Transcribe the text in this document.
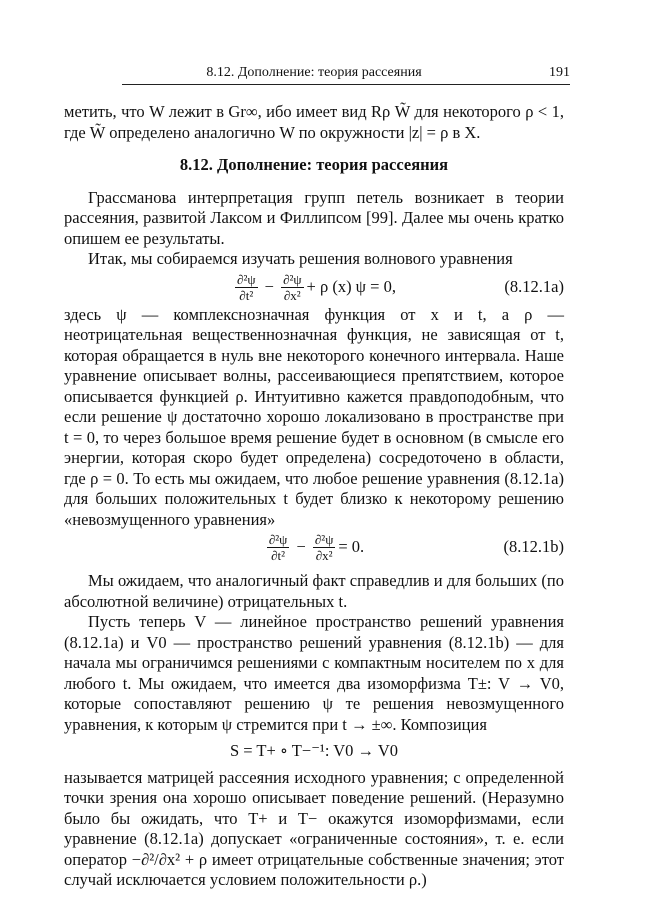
8.12. Дополнение: теория рассеяния	191

метить, что W лежит в Gr∞, ибо имеет вид Rρ W̃ для некоторого ρ < 1, где W̃ определено аналогично W по окружности |z| = ρ в X.

8.12. Дополнение: теория рассеяния

Грассманова интерпретация групп петель возникает в теории рассеяния, развитой Лаксом и Филлипсом [99]. Далее мы очень кратко опишем ее результаты.

Итак, мы собираемся изучать решения волнового уравнения

$\frac{\text{∂²ψ}}{\text{∂t²}} - \frac{\text{∂²ψ}}{\text{∂x²}} + \rho$ (x) ψ = 0,	(8.12.1a)

здесь ψ — комплекснозначная функция от x и t, а ρ — неотрицательная вещественнозначная функция, не зависящая от t, которая обращается в нуль вне некоторого конечного интервала. Наше уравнение описывает волны, рассеивающиеся препятствием, которое описывается функцией ρ. Интуитивно кажется правдоподобным, что если решение ψ достаточно хорошо локализовано в пространстве при t = 0, то через большое время решение будет в основном (в смысле его энергии, которая скоро будет определена) сосредоточено в области, где ρ = 0. То есть мы ожидаем, что любое решение уравнения (8.12.1a) для больших положительных t будет близко к некоторому решению «невозмущенного уравнения»

$\frac{\text{∂²ψ}}{\text{∂t²}} - \frac{\text{∂²ψ}}{\text{∂x²}} = 0$.	(8.12.1b)

Мы ожидаем, что аналогичный факт справедлив и для больших (по абсолютной величине) отрицательных t.

Пусть теперь V — линейное пространство решений уравнения (8.12.1a) и V0 — пространство решений уравнения (8.12.1b) — для начала мы ограничимся решениями с компактным носителем по x для любого t. Мы ожидаем, что имеется два изоморфизма T±: V → V0, которые сопоставляют решению ψ те решения невозмущенного уравнения, к которым ψ стремится при t → ±∞. Композиция

S = T+ ∘ T−⁻¹: V0 → V0

называется матрицей рассеяния исходного уравнения; с определенной точки зрения она хорошо описывает поведение решений. (Неразумно было бы ожидать, что T+ и T− окажутся изоморфизмами, если уравнение (8.12.1a) допускает «ограниченные состояния», т. е. если оператор −∂²/∂x² + ρ имеет отрицательные собственные значения; этот случай исключается условием положительности ρ.)
